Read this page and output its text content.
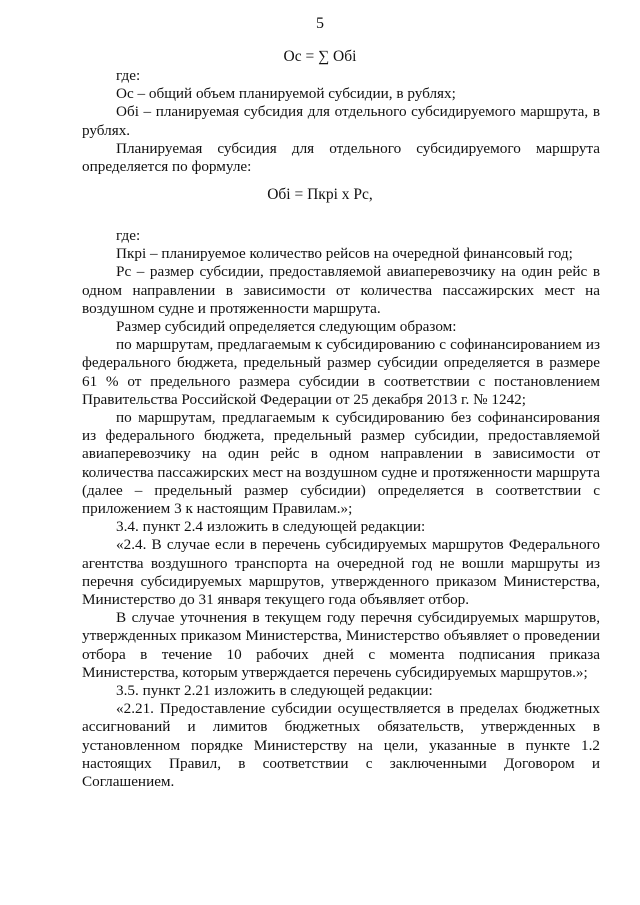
5
Ос = ∑ Обі

где:

Ос – общий объем планируемой субсидии, в рублях;

Обі – планируемая субсидия для отдельного субсидируемого маршрута, в рублях.

Планируемая субсидия для отдельного субсидируемого маршрута определяется по формуле:

Обі = Пкрі х Рс,

где:

Пкрі – планируемое количество рейсов на очередной финансовый год;

Рс – размер субсидии, предоставляемой авиаперевозчику на один рейс в одном направлении в зависимости от количества пассажирских мест на воздушном судне и протяженности маршрута.

Размер субсидий определяется следующим образом:

по маршрутам, предлагаемым к субсидированию с софинансированием из федерального бюджета, предельный размер субсидии определяется в размере 61 % от предельного размера субсидии в соответствии с постановлением Правительства Российской Федерации от 25 декабря 2013 г. № 1242;

по маршрутам, предлагаемым к субсидированию без софинансирования из федерального бюджета, предельный размер субсидии, предоставляемой авиаперевозчику на один рейс в одном направлении в зависимости от количества пассажирских мест на воздушном судне и протяженности маршрута (далее – предельный размер субсидии) определяется в соответствии с приложением 3 к настоящим Правилам.»;

3.4. пункт 2.4 изложить в следующей редакции:

«2.4. В случае если в перечень субсидируемых маршрутов Федерального агентства воздушного транспорта на очередной год не вошли маршруты из перечня субсидируемых маршрутов, утвержденного приказом Министерства, Министерство до 31 января текущего года объявляет отбор.

В случае уточнения в текущем году перечня субсидируемых маршрутов, утвержденных приказом Министерства, Министерство объявляет о проведении отбора в течение 10 рабочих дней с момента подписания приказа Министерства, которым утверждается перечень субсидируемых маршрутов.»;

3.5. пункт 2.21 изложить в следующей редакции:

«2.21. Предоставление субсидии осуществляется в пределах бюджетных ассигнований и лимитов бюджетных обязательств, утвержденных в установленном порядке Министерству на цели, указанные в пункте 1.2 настоящих Правил, в соответствии с заключенными Договором и Соглашением.
